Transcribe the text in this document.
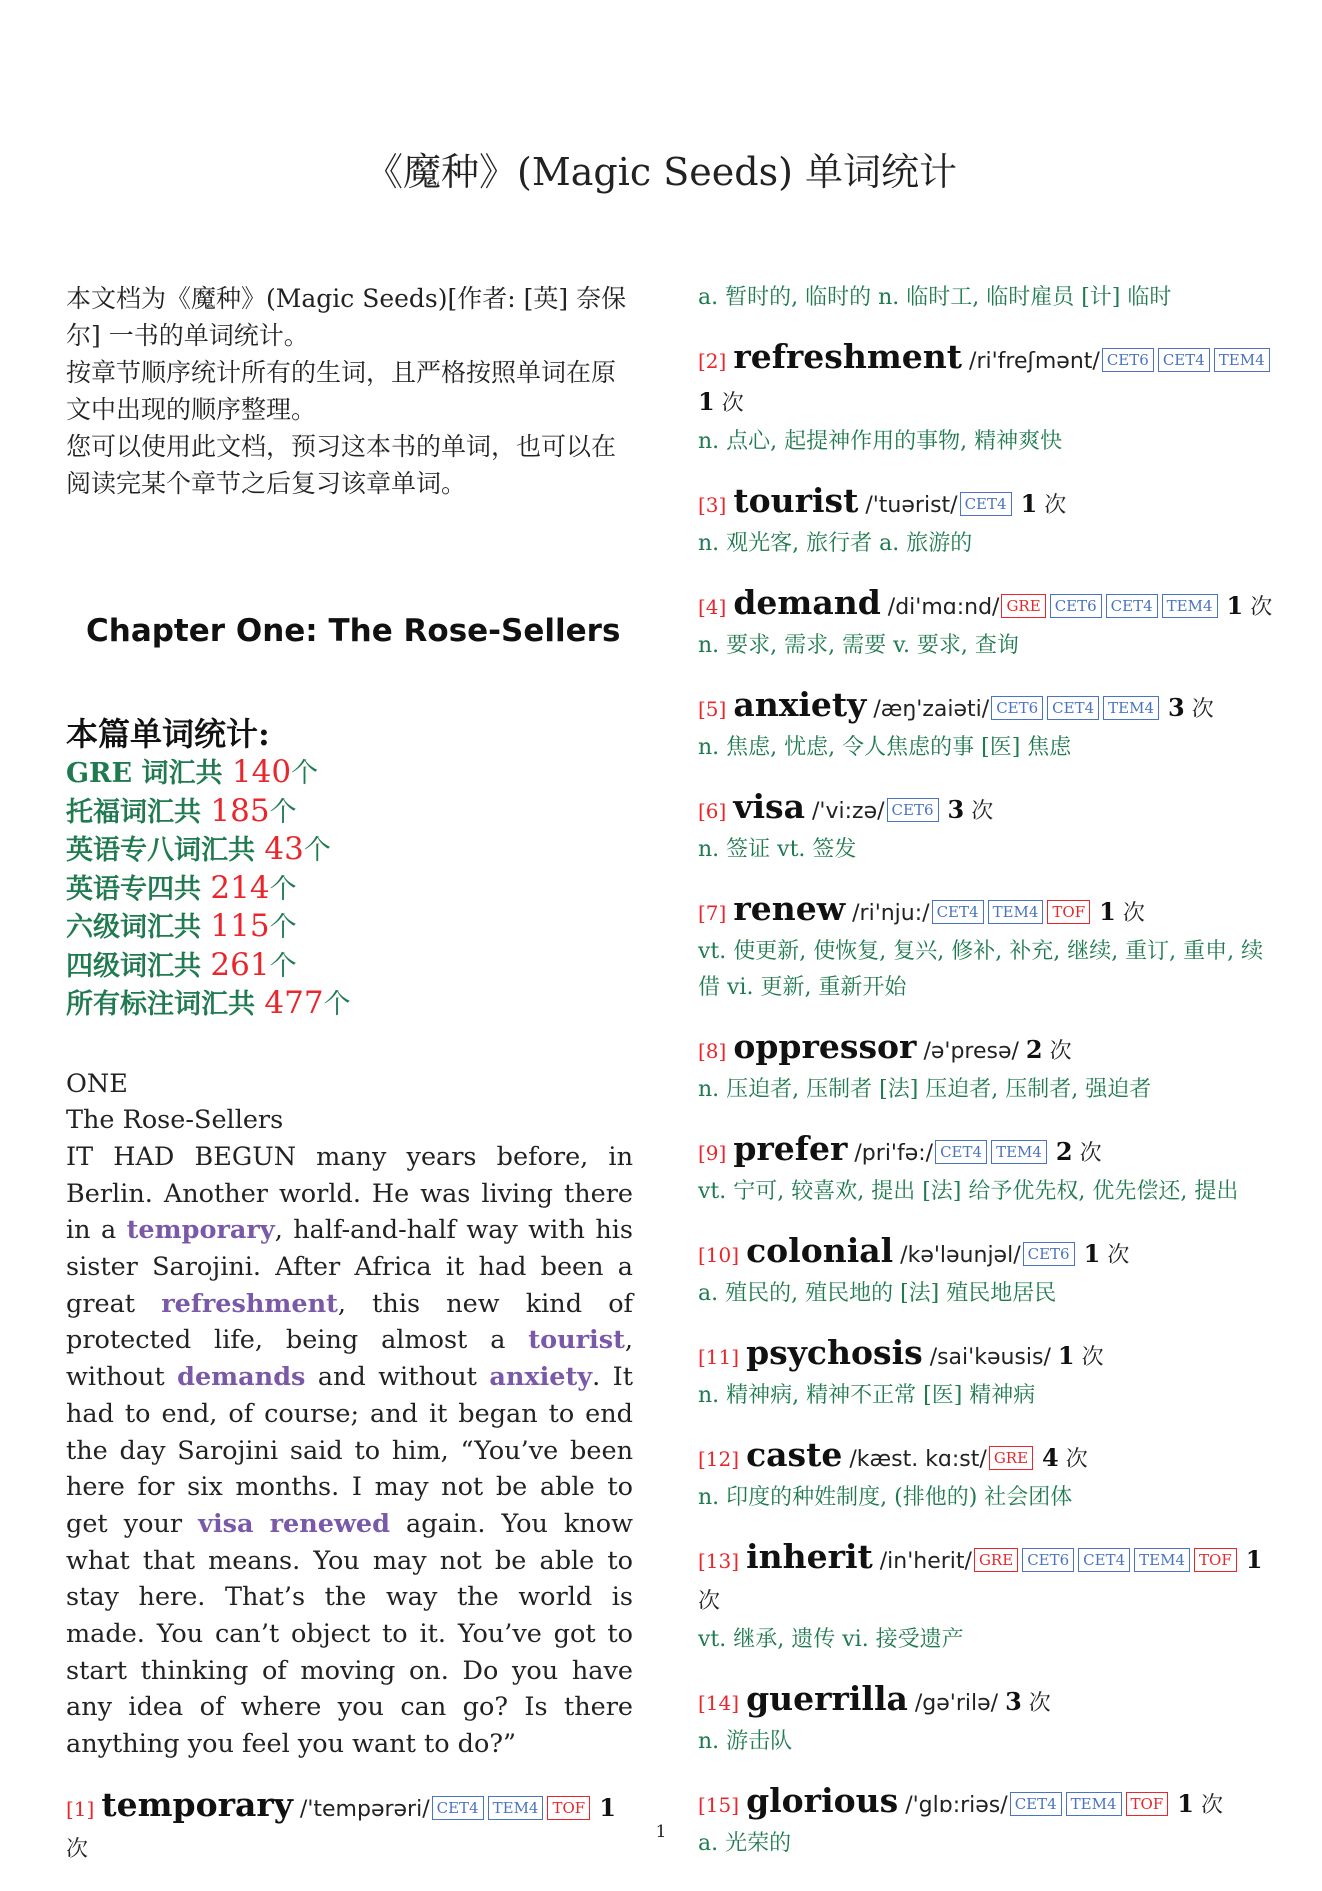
《魔种》(Magic Seeds) 单词统计

本文档为《魔种》(Magic Seeds)[作者: [英] 奈保尔] 一书的单词统计。

按章节顺序统计所有的生词，且严格按照单词在原文中出现的顺序整理。

您可以使用此文档，预习这本书的单词，也可以在阅读完某个章节之后复习该章单词。

Chapter One: The Rose-Sellers
本篇单词统计:
GRE 词汇共 140个
托福词汇共 185个
英语专八词汇共 43个
英语专四共 214个
六级词汇共 115个
四级词汇共 261个
所有标注词汇共 477个
ONE
The Rose-Sellers
IT HAD BEGUN many years before, in Berlin. Another world. He was living there in a temporary, half-and-half way with his sister Sarojini. After Africa it had been a great refreshment, this new kind of protected life, being almost a tourist, without demands and without anxiety. It had to end, of course; and it began to end the day Sarojini said to him, “You’ve been here for six months. I may not be able to get your visa renewed again. You know what that means. You may not be able to stay here. That’s the way the world is made. You can’t object to it. You’ve got to start thinking of moving on. Do you have any idea of where you can go? Is there anything you feel you want to do?”
[1] temporary /'tempərəri/ CET4 TEM4 TOF 1 次
a. 暂时的, 临时的 n. 临时工, 临时雇员 [计] 临时
[2] refreshment /ri'freʃmənt/ CET6 CET4 TEM4 1 次
n. 点心, 起提神作用的事物, 精神爽快
[3] tourist /'tuərist/ CET4 1 次
n. 观光客, 旅行者 a. 旅游的
[4] demand /di'mɑ:nd/ GRE CET6 CET4 TEM4 1 次
n. 要求, 需求, 需要 v. 要求, 查询
[5] anxiety /æŋ'zaiəti/ CET6 CET4 TEM4 3 次
n. 焦虑, 忧虑, 令人焦虑的事 [医] 焦虑
[6] visa /'vi:zə/ CET6 3 次
n. 签证 vt. 签发
[7] renew /ri'nju:/ CET4 TEM4 TOF 1 次
vt. 使更新, 使恢复, 复兴, 修补, 补充, 继续, 重订, 重申, 续借 vi. 更新, 重新开始
[8] oppressor /ə'presə/ 2 次
n. 压迫者, 压制者 [法] 压迫者, 压制者, 强迫者
[9] prefer /pri'fə:/ CET4 TEM4 2 次
vt. 宁可, 较喜欢, 提出 [法] 给予优先权, 优先偿还, 提出
[10] colonial /kə'ləunjəl/ CET6 1 次
a. 殖民的, 殖民地的 [法] 殖民地居民
[11] psychosis /sai'kəusis/ 1 次
n. 精神病, 精神不正常 [医] 精神病
[12] caste /kæst. kɑ:st/ GRE 4 次
n. 印度的种姓制度, (排他的) 社会团体
[13] inherit /in'herit/ GRE CET6 CET4 TEM4 TOF 1 次
vt. 继承, 遗传 vi. 接受遗产
[14] guerrilla /gə'rilə/ 3 次
n. 游击队
[15] glorious /'glɒ:riəs/ CET4 TEM4 TOF 1 次
a. 光荣的
1
